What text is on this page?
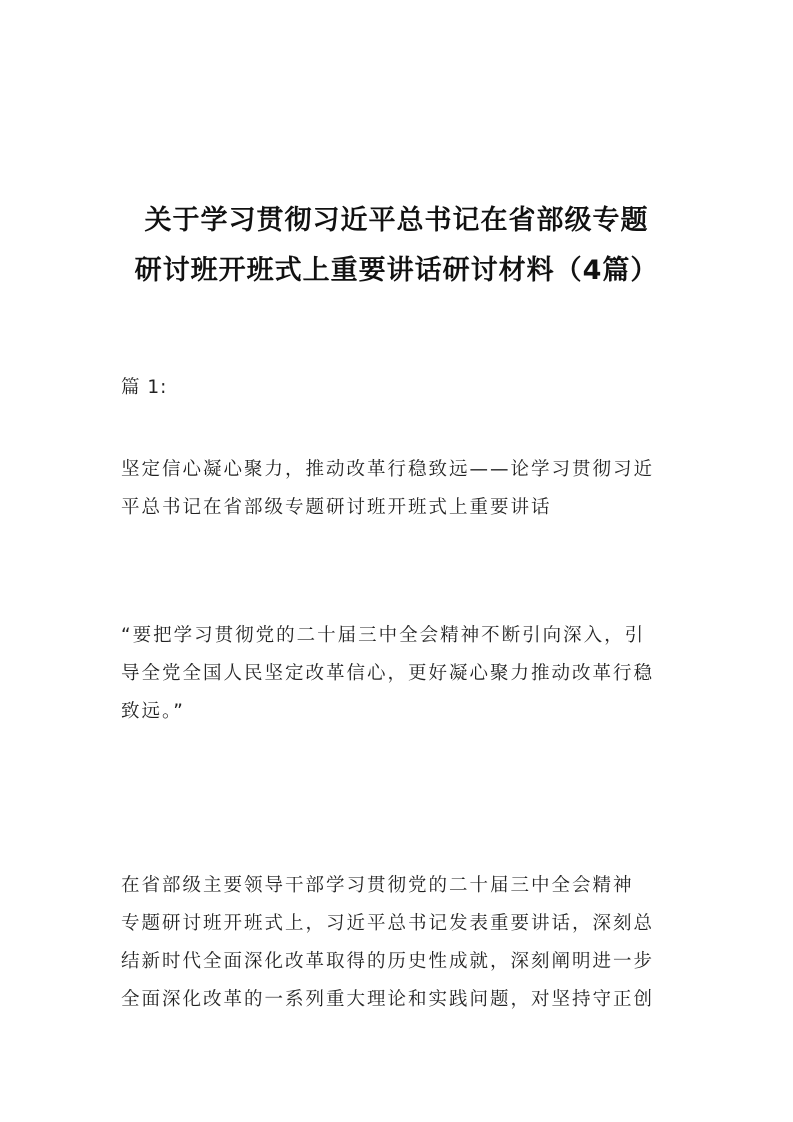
关于学习贯彻习近平总书记在省部级专题
研讨班开班式上重要讲话研讨材料（4篇）
篇 1:
坚定信心凝心聚力，推动改革行稳致远——论学习贯彻习近
平总书记在省部级专题研讨班开班式上重要讲话
“要把学习贯彻党的二十届三中全会精神不断引向深入，引
导全党全国人民坚定改革信心，更好凝心聚力推动改革行稳
致远。”
在省部级主要领导干部学习贯彻党的二十届三中全会精神
专题研讨班开班式上，习近平总书记发表重要讲话，深刻总
结新时代全面深化改革取得的历史性成就，深刻阐明进一步
全面深化改革的一系列重大理论和实践问题，对坚持守正创
